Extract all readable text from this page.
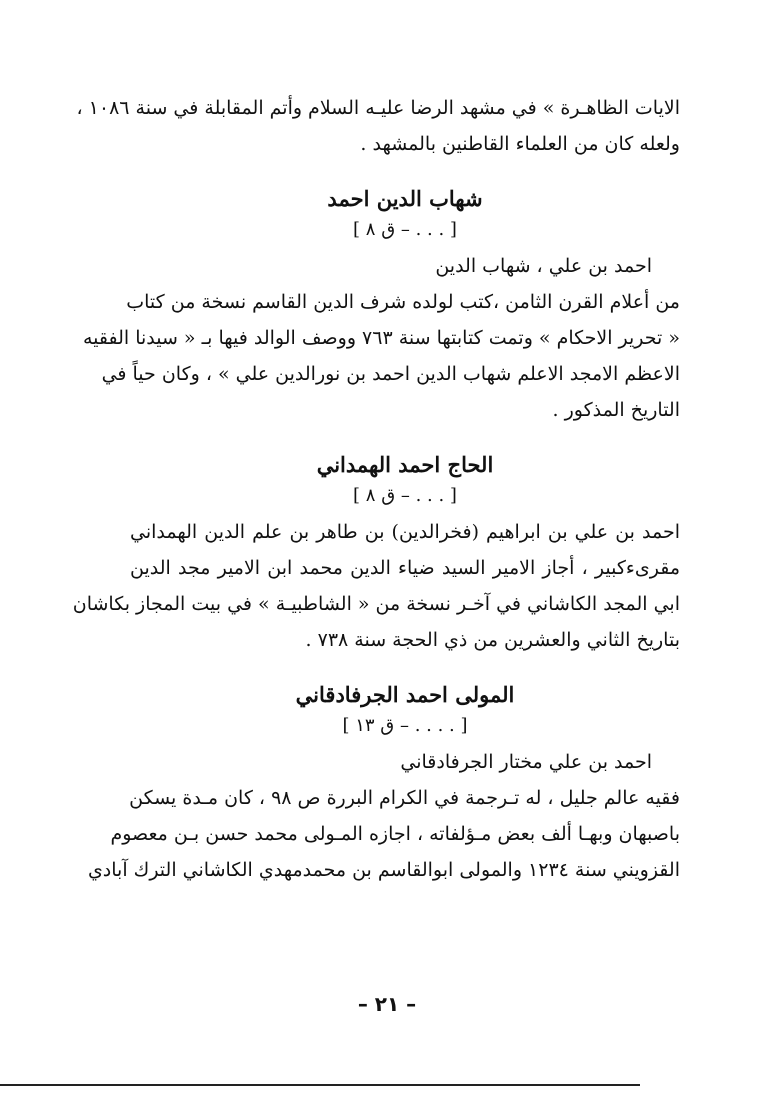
الايات الظاهـرة » في مشهد الرضا عليـه السلام وأتم المقابلة في سنة ١٠٨٦ ،

ولعله كان من العلماء القاطنين بالمشهد .

شهاب الدين احمد

[ . . . – ق ٨ ]

احمد بن علي ، شهاب الدين

من أعلام القرن الثامن ،كتب لولده شرف الدين القاسم نسخة من كتاب

« تحرير الاحكام » وتمت كتابتها سنة ٧٦٣ ووصف الوالد فيها بـ « سيدنا الفقيه

الاعظم الامجد الاعلم شهاب الدين احمد بن نورالدين علي » ، وكان حياً في

التاريخ المذكور .

الحاج احمد الهمداني

[ . . . – ق ٨ ]

احمد بن علي بن ابراهيم (فخرالدين) بن طاهر بن علم الدين الهمداني

مقرىءكبير ، أجاز الامير السيد ضياء الدين محمد ابن الامير مجد الدين

ابي المجد الكاشاني في آخـر نسخة من « الشاطبيـة » في بيت المجاز بكاشان

بتاريخ الثاني والعشرين من ذي الحجة سنة ٧٣٨ .

المولى احمد الجرفادقاني

[ . . . . – ق ١٣ ]

احمد بن علي مختار الجرفادقاني

فقيه عالم جليل ، له تـرجمة في الكرام البررة ص ٩٨ ، كان مـدة يسكن

باصبهان وبهـا ألف بعض مـؤلفاته ، اجازه المـولى محمد حسن بـن معصوم

القزويني سنة ١٢٣٤ والمولى ابوالقاسم بن محمدمهدي الكاشاني الترك آبادي

– ٢١ –
